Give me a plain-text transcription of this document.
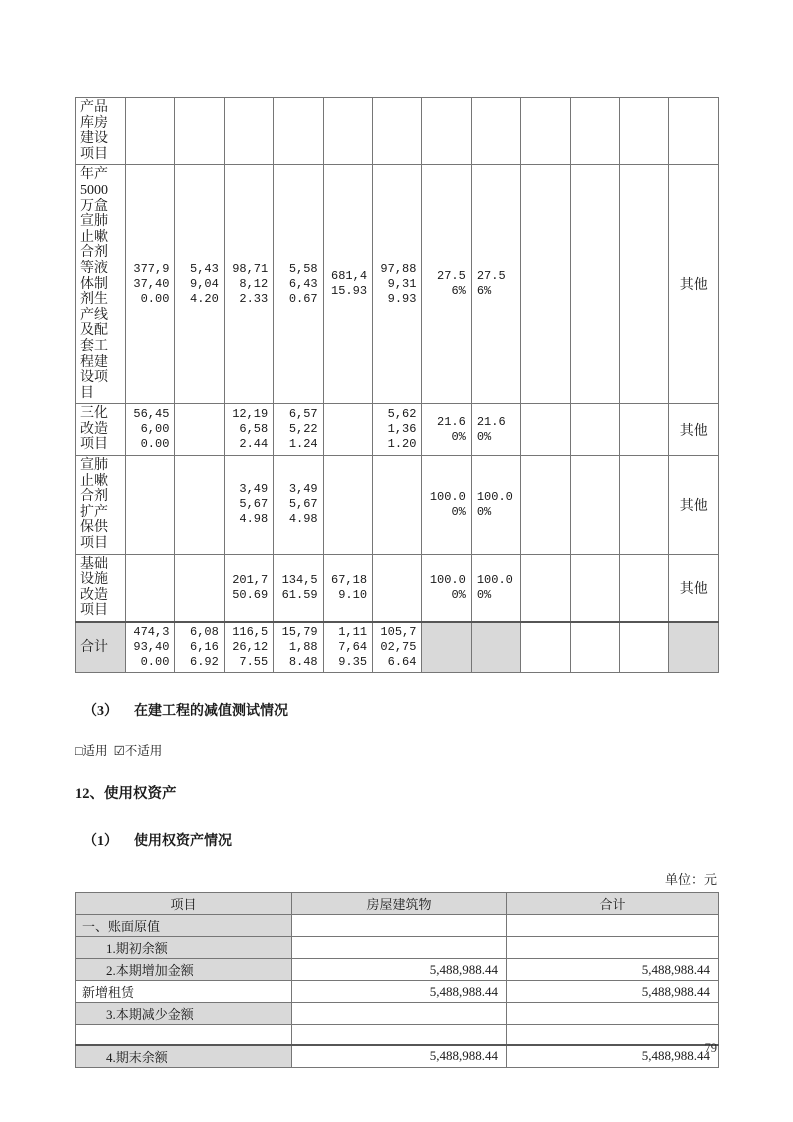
产品库房建设项目												
年产5000万盒宣肺止嗽合剂等液体制剂生产线及配套工程建设项目	377,937,400.00	5,439,044.20	98,718,122.33	5,586,430.67	681,415.93	97,889,319.93	27.56%	27.56%				其他
三化改造项目	56,456,000.00		12,196,582.44	6,575,221.24		5,621,361.20	21.60%	21.60%				其他
宣肺止嗽合剂扩产保供项目			3,495,674.98	3,495,674.98			100.00%	100.00%				其他
基础设施改造项目			201,750.69	134,561.59	67,189.10		100.00%	100.00%				其他
合计	474,393,400.00	6,086,166.92	116,526,127.55	15,791,888.48	1,117,649.35	105,702,756.64						
（3） 在建工程的减值测试情况
□适用 ☑不适用
12、使用权资产
（1） 使用权资产情况
单位：元
项目	房屋建筑物	合计
一、账面原值		
1.期初余额		
2.本期增加金额	5,488,988.44	5,488,988.44
新增租赁	5,488,988.44	5,488,988.44
3.本期减少金额		

4.期末余额	5,488,988.44	5,488,988.44
79
